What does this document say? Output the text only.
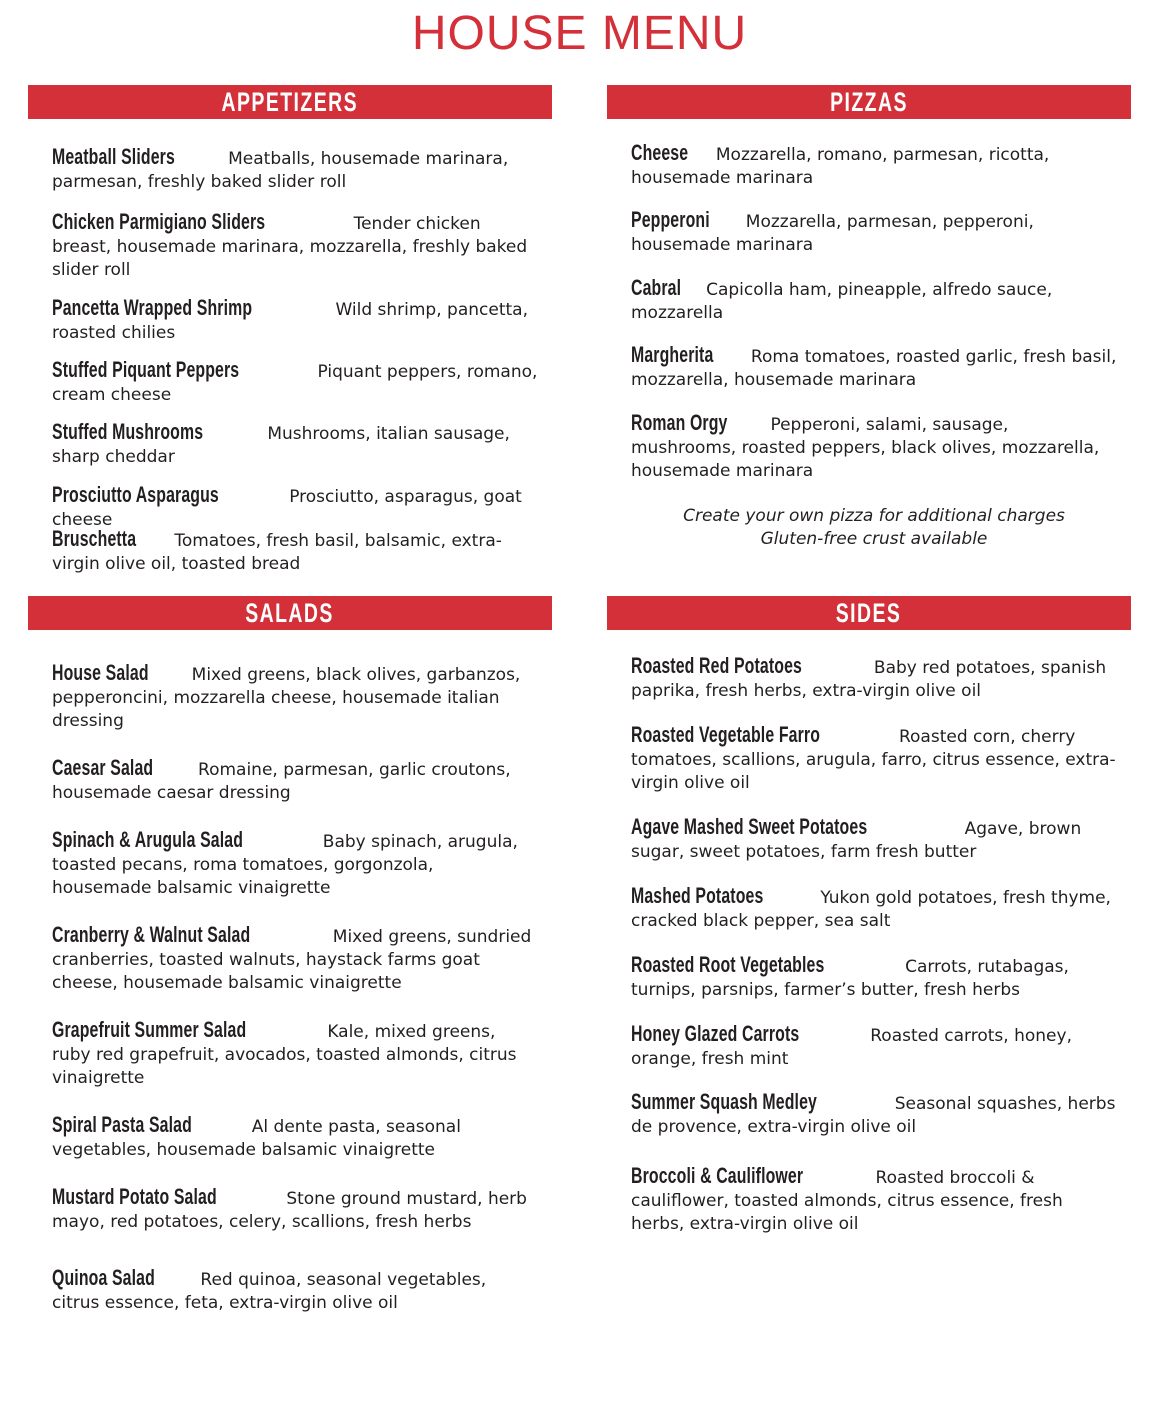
HOUSE MENU
APPETIZERS

Meatball Sliders	Meatballs, housemade marinara, parmesan, freshly baked slider roll

Chicken Parmigiano Sliders	Tender chicken breast, housemade marinara, mozzarella, freshly baked slider roll

Pancetta Wrapped Shrimp	Wild shrimp, pancetta, roasted chilies

Stuffed Piquant Peppers	Piquant peppers, romano, cream cheese

Stuffed Mushrooms	Mushrooms, italian sausage, sharp cheddar

Prosciutto Asparagus	Prosciutto, asparagus, goat cheese

Bruschetta Tomatoes, fresh basil, balsamic, extra-virgin olive oil, toasted bread

PIZZAS

Cheese Mozzarella, romano, parmesan, ricotta, housemade marinara

Pepperoni Mozzarella, parmesan, pepperoni, housemade marinara

Cabral Capicolla ham, pineapple, alfredo sauce, mozzarella

Margherita Roma tomatoes, roasted garlic, fresh basil, mozzarella, housemade marinara

Roman Orgy	Pepperoni, salami, sausage, mushrooms, roasted peppers, black olives, mozzarella, housemade marinara

Create your own pizza for additional charges
Gluten-free crust available
SALADS

House Salad	Mixed greens, black olives, garbanzos, pepperoncini, mozzarella cheese, housemade italian dressing

Caesar Salad	Romaine, parmesan, garlic croutons, housemade caesar dressing

Spinach & Arugula Salad	Baby spinach, arugula, toasted pecans, roma tomatoes, gorgonzola, housemade balsamic vinaigrette

Cranberry & Walnut Salad	Mixed greens, sundried cranberries, toasted walnuts, haystack farms goat cheese, housemade balsamic vinaigrette

Grapefruit Summer Salad	Kale, mixed greens, ruby red grapefruit, avocados, toasted almonds, citrus vinaigrette

Spiral Pasta Salad	Al dente pasta, seasonal vegetables, housemade balsamic vinaigrette

Mustard Potato Salad	Stone ground mustard, herb mayo, red potatoes, celery, scallions, fresh herbs

Quinoa Salad	Red quinoa, seasonal vegetables, citrus essence, feta, extra-virgin olive oil

SIDES

Roasted Red Potatoes	Baby red potatoes, spanish paprika, fresh herbs, extra-virgin olive oil

Roasted Vegetable Farro	Roasted corn, cherry tomatoes, scallions, arugula, farro, citrus essence, extra-virgin olive oil

Agave Mashed Sweet Potatoes	Agave, brown sugar, sweet potatoes, farm fresh butter

Mashed Potatoes	Yukon gold potatoes, fresh thyme, cracked black pepper, sea salt

Roasted Root Vegetables	Carrots, rutabagas, turnips, parsnips, farmer’s butter, fresh herbs

Honey Glazed Carrots	Roasted carrots, honey, orange, fresh mint

Summer Squash Medley	Seasonal squashes, herbs de provence, extra-virgin olive oil

Broccoli & Cauliflower	Roasted broccoli & cauliflower, toasted almonds, citrus essence, fresh herbs, extra-virgin olive oil
